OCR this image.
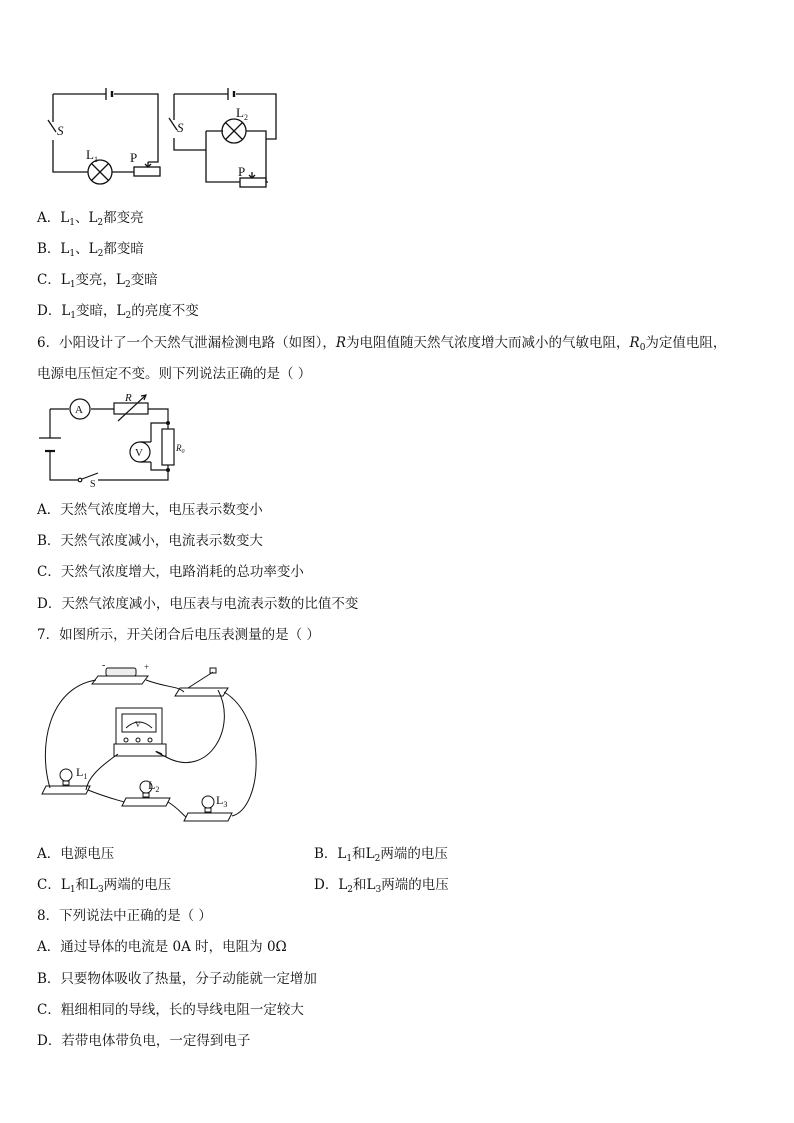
S
$L_1$ P
S
$L_2$
P
A．$L_1$、$L_2$都变亮
B．$L_1$、$L_2$都变暗
C．$L_1$变亮，$L_2$变暗
D．$L_1$变暗，$L_2$的亮度不变
6．小阳设计了一个天然气泄漏检测电路（如图），R为电阻值随天然气浓度增大而减小的气敏电阻，$R_0$为定值电阻，
电源电压恒定不变。则下列说法正确的是（ ）
A
R
V	$R_0$
S
A．天然气浓度增大，电压表示数变小
B．天然气浓度减小，电流表示数变大
C．天然气浓度增大，电路消耗的总功率变小
D．天然气浓度减小，电压表与电流表示数的比值不变
7．如图所示，开关闭合后电压表测量的是（ ）
-	+
V
$L_1$
$L_2$
$L_3$
A．电源电压	B．$L_1$和$L_2$两端的电压
C．$L_1$和$L_3$两端的电压	D．$L_2$和$L_3$两端的电压
8．下列说法中正确的是（ ）
A．通过导体的电流是 0A 时，电阻为 0Ω
B．只要物体吸收了热量，分子动能就一定增加
C．粗细相同的导线，长的导线电阻一定较大
D．若带电体带负电，一定得到电子
